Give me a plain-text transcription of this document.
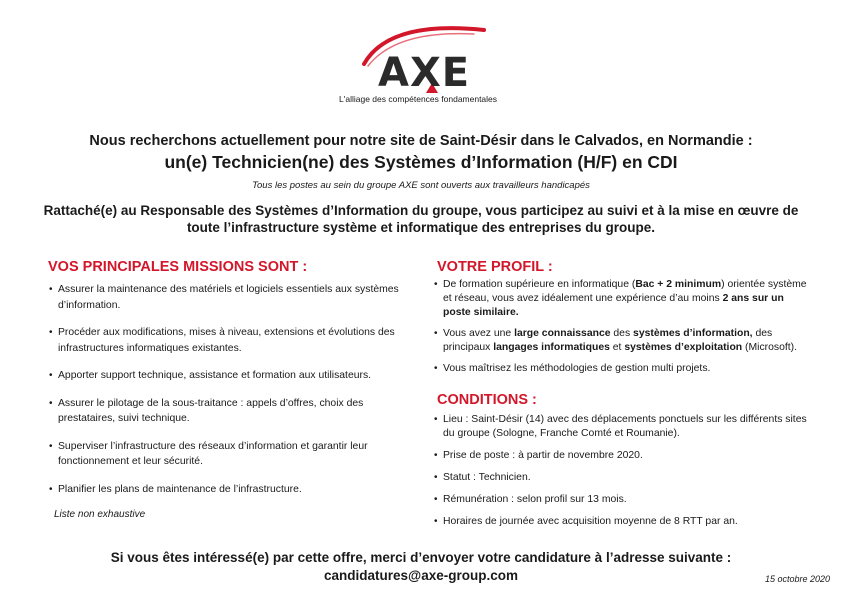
AXE
L'alliage des compétences fondamentales
Nous recherchons actuellement pour notre site de Saint-Désir dans le Calvados, en Normandie :
un(e) Technicien(ne) des Systèmes d’Information (H/F) en CDI
Tous les postes au sein du groupe AXE sont ouverts aux travailleurs handicapés
Rattaché(e) au Responsable des Systèmes d’Information du groupe, vous participez au suivi et à la mise en œuvre de toute l’infrastructure système et informatique des entreprises du groupe.
VOS PRINCIPALES MISSIONS SONT :
• Assurer la maintenance des matériels et logiciels essentiels aux systèmes d’information.
• Procéder aux modifications, mises à niveau, extensions et évolutions des infrastructures informatiques existantes.
• Apporter support technique, assistance et formation aux utilisateurs.
• Assurer le pilotage de la sous-traitance : appels d’offres, choix des prestataires, suivi technique.
• Superviser l’infrastructure des réseaux d’information et garantir leur fonctionnement et leur sécurité.
• Planifier les plans de maintenance de l’infrastructure.
Liste non exhaustive
VOTRE PROFIL :
• De formation supérieure en informatique (Bac + 2 minimum) orientée système et réseau, vous avez idéalement une expérience d’au moins 2 ans sur un poste similaire.
• Vous avez une large connaissance des systèmes d’information, des principaux langages informatiques et systèmes d’exploitation (Microsoft).
• Vous maîtrisez les méthodologies de gestion multi projets.
CONDITIONS :
• Lieu : Saint-Désir (14) avec des déplacements ponctuels sur les différents sites du groupe (Sologne, Franche Comté et Roumanie).
• Prise de poste : à partir de novembre 2020.
• Statut : Technicien.
• Rémunération : selon profil sur 13 mois.
• Horaires de journée avec acquisition moyenne de 8 RTT par an.
Si vous êtes intéressé(e) par cette offre, merci d’envoyer votre candidature à l’adresse suivante :
candidatures@axe-group.com	15 octobre 2020
